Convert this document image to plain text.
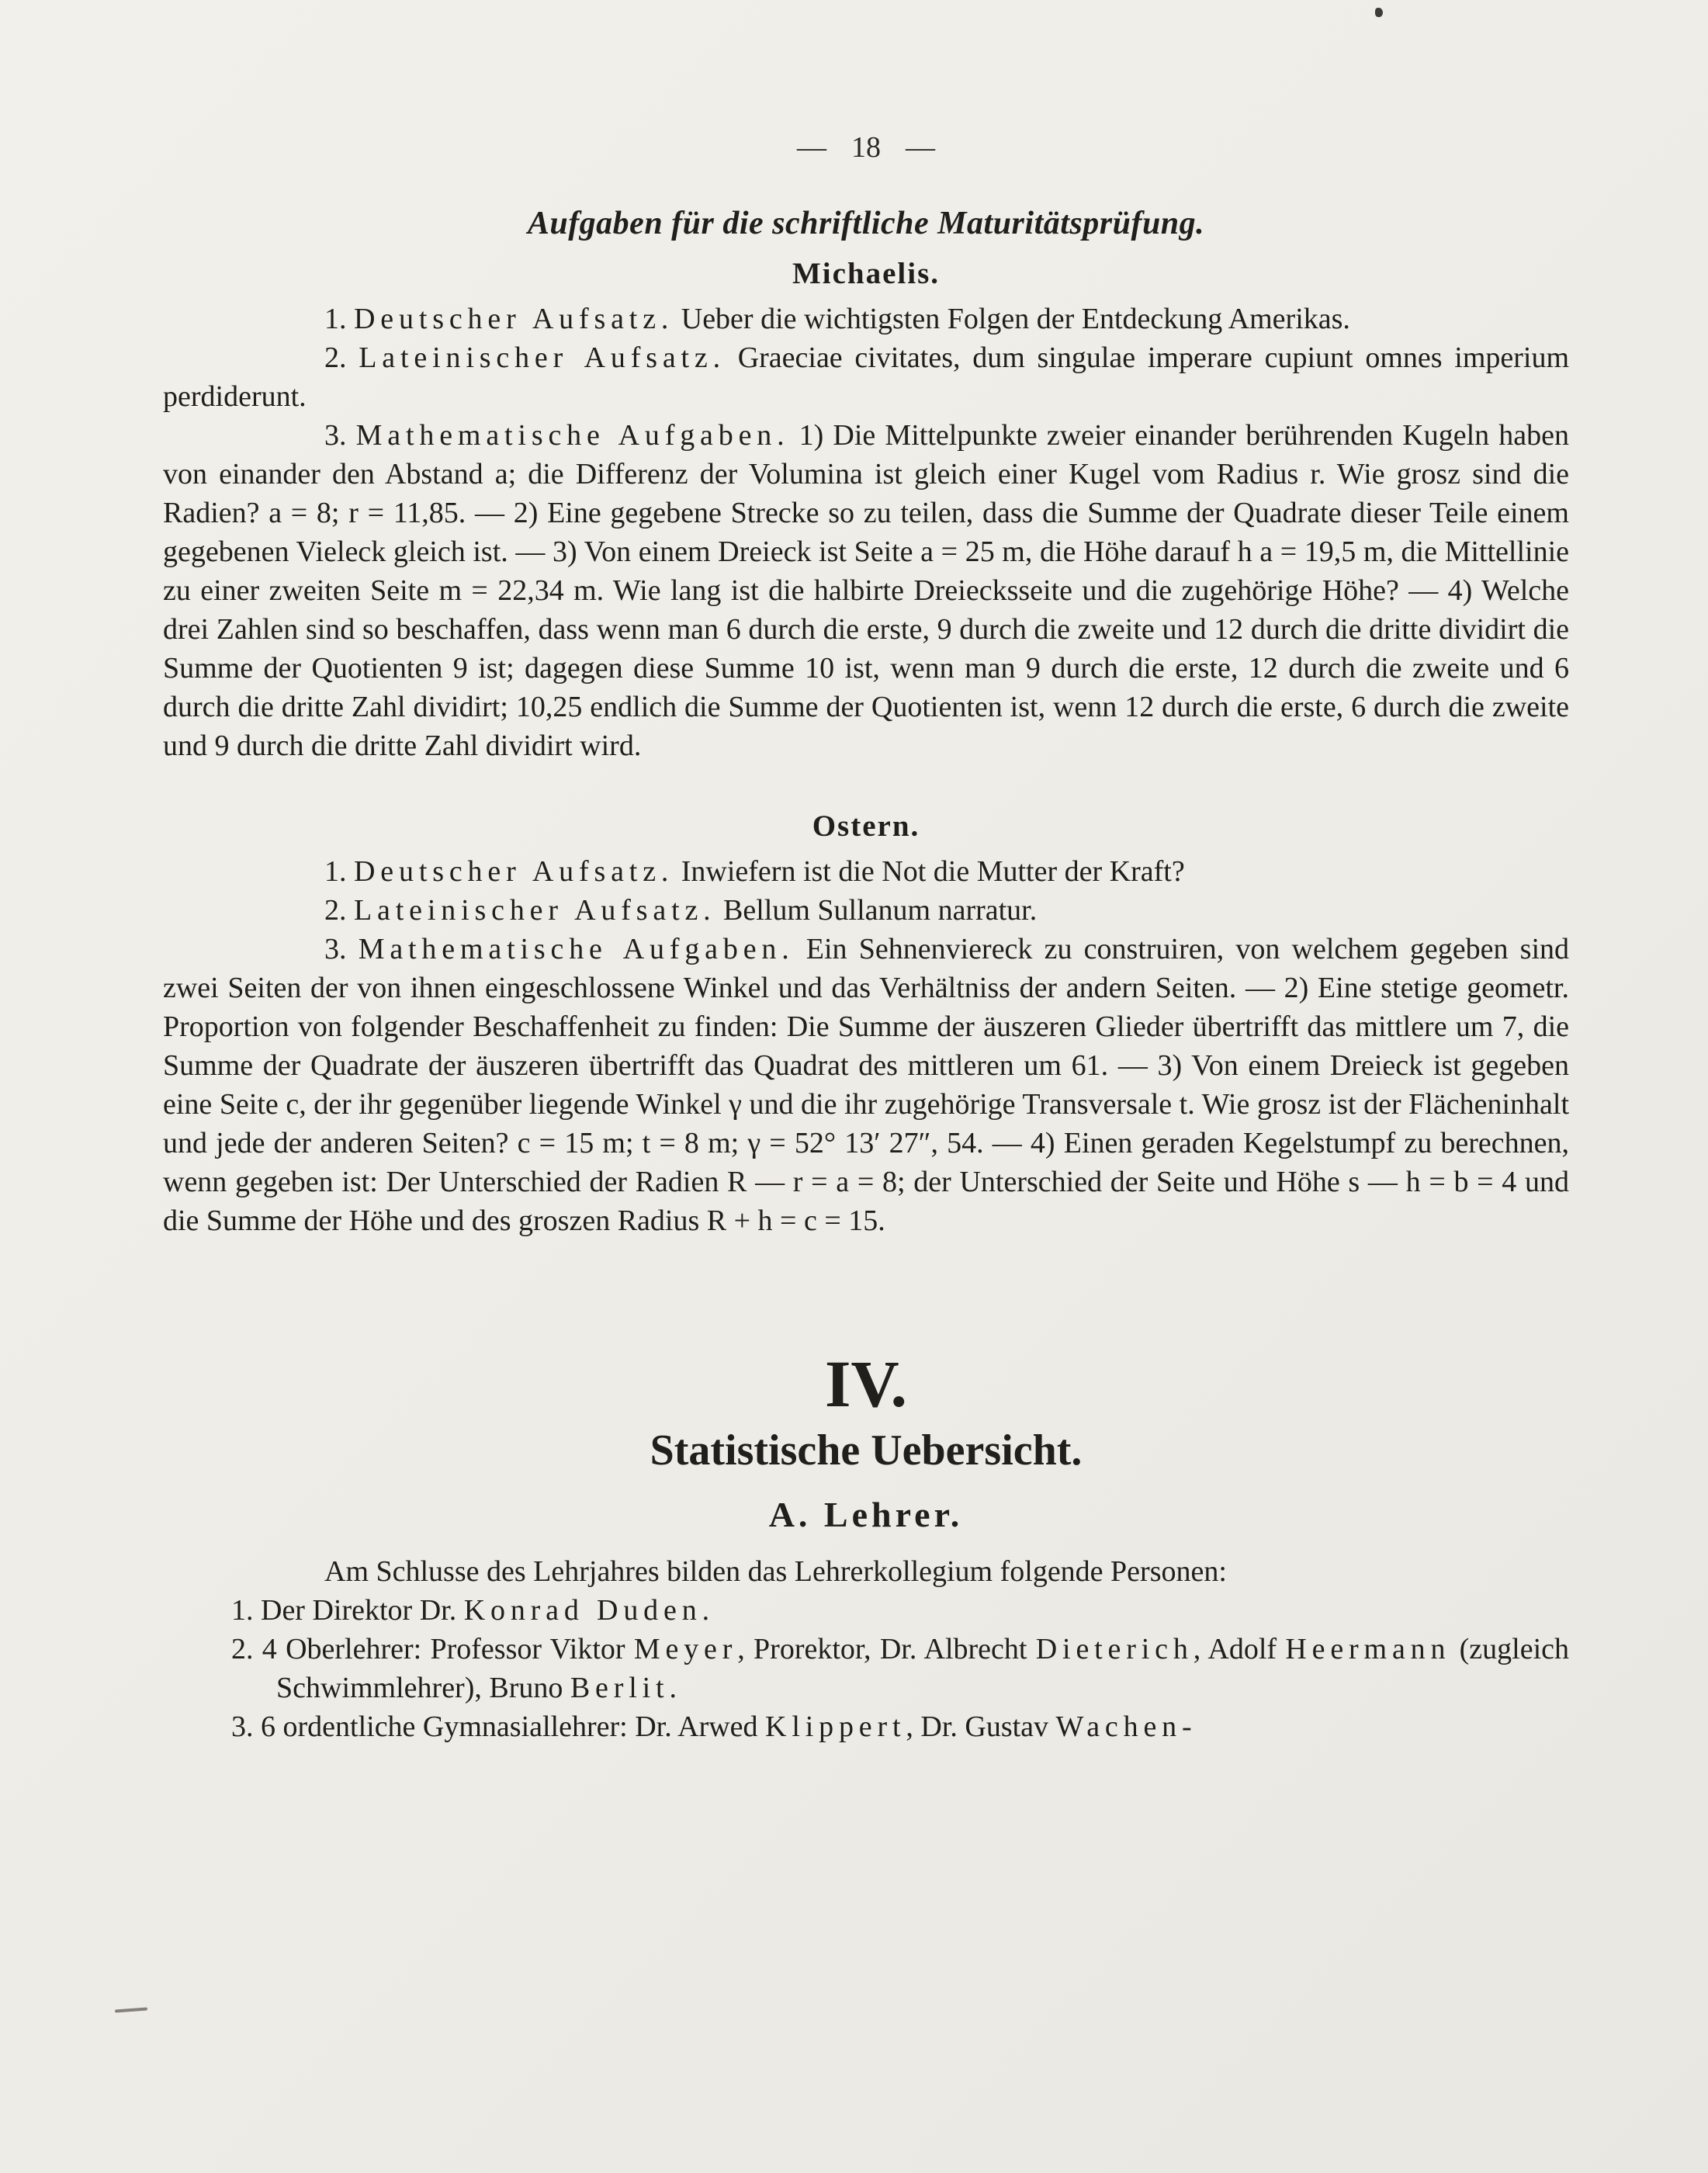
— 18 —
Aufgaben für die schriftliche Maturitätsprüfung.
Michaelis.

1. Deutscher Aufsatz. Ueber die wichtigsten Folgen der Entdeckung Amerikas.

2. Lateinischer Aufsatz. Graeciae civitates, dum singulae imperare cupiunt omnes imperium perdiderunt.

3. Mathematische Aufgaben. 1) Die Mittelpunkte zweier einander berührenden Kugeln haben von einander den Abstand a; die Differenz der Volumina ist gleich einer Kugel vom Radius r. Wie grosz sind die Radien? a = 8; r = 11,85. — 2) Eine gegebene Strecke so zu teilen, dass die Summe der Quadrate dieser Teile einem gegebenen Vieleck gleich ist. — 3) Von einem Dreieck ist Seite a = 25 m, die Höhe darauf h a = 19,5 m, die Mittellinie zu einer zweiten Seite m = 22,34 m. Wie lang ist die halbirte Dreiecksseite und die zugehörige Höhe? — 4) Welche drei Zahlen sind so beschaffen, dass wenn man 6 durch die erste, 9 durch die zweite und 12 durch die dritte dividirt die Summe der Quotienten 9 ist; dagegen diese Summe 10 ist, wenn man 9 durch die erste, 12 durch die zweite und 6 durch die dritte Zahl dividirt; 10,25 endlich die Summe der Quotienten ist, wenn 12 durch die erste, 6 durch die zweite und 9 durch die dritte Zahl dividirt wird.

Ostern.

1. Deutscher Aufsatz. Inwiefern ist die Not die Mutter der Kraft?

2. Lateinischer Aufsatz. Bellum Sullanum narratur.

3. Mathematische Aufgaben. Ein Sehnenviereck zu construiren, von welchem gegeben sind zwei Seiten der von ihnen eingeschlossene Winkel und das Verhältniss der andern Seiten. — 2) Eine stetige geometr. Proportion von folgender Beschaffenheit zu finden: Die Summe der äuszeren Glieder übertrifft das mittlere um 7, die Summe der Quadrate der äuszeren übertrifft das Quadrat des mittleren um 61. — 3) Von einem Dreieck ist gegeben eine Seite c, der ihr gegenüber liegende Winkel γ und die ihr zugehörige Transversale t. Wie grosz ist der Flächeninhalt und jede der anderen Seiten? c = 15 m; t = 8 m; γ = 52° 13′ 27″, 54. — 4) Einen geraden Kegelstumpf zu berechnen, wenn gegeben ist: Der Unterschied der Radien R — r = a = 8; der Unterschied der Seite und Höhe s — h = b = 4 und die Summe der Höhe und des groszen Radius R + h = c = 15.

IV.
Statistische Uebersicht.
A. Lehrer.

Am Schlusse des Lehrjahres bilden das Lehrerkollegium folgende Personen:

1. Der Direktor Dr. Konrad Duden.

2. 4 Oberlehrer: Professor Viktor Meyer, Prorektor, Dr. Albrecht Dieterich, Adolf Heermann (zugleich Schwimmlehrer), Bruno Berlit.

3. 6 ordentliche Gymnasiallehrer: Dr. Arwed Klippert, Dr. Gustav Wachen-
